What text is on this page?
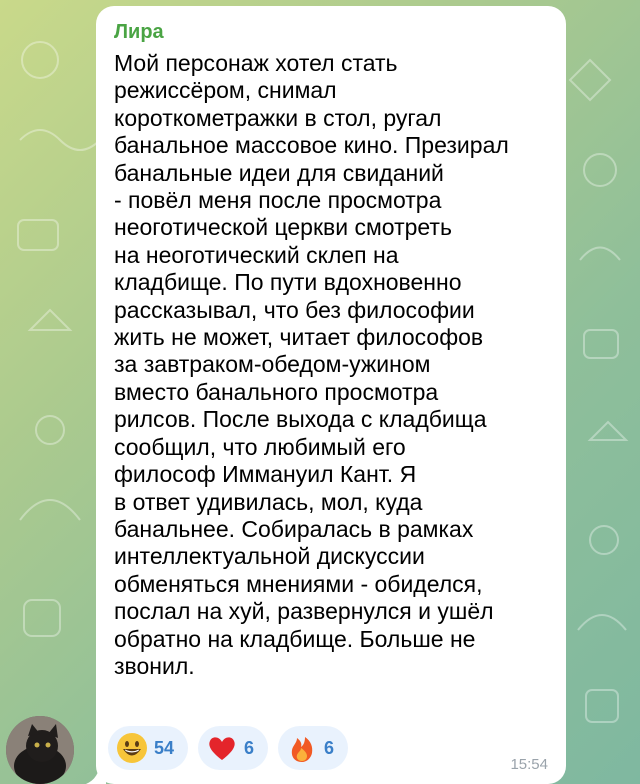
Лира
Мой персонаж хотел стать
режиссёром, снимал
короткометражки в стол, ругал
банальное массовое кино. Презирал
банальные идеи для свиданий
- повёл меня после просмотра
неоготической церкви смотреть
на неоготический склеп на
кладбище. По пути вдохновенно
рассказывал, что без философии
жить не может, читает философов
за завтраком-обедом-ужином
вместо банального просмотра
рилсов. После выхода с кладбища
сообщил, что любимый его
философ Иммануил Кант. Я
в ответ удивилась, мол, куда
банальнее. Собиралась в рамках
интеллектуальной дискуссии
обменяться мнениями - обиделся,
послал на хуй, развернулся и ушёл
обратно на кладбище. Больше не
звонил.
54	6	6
15:54
